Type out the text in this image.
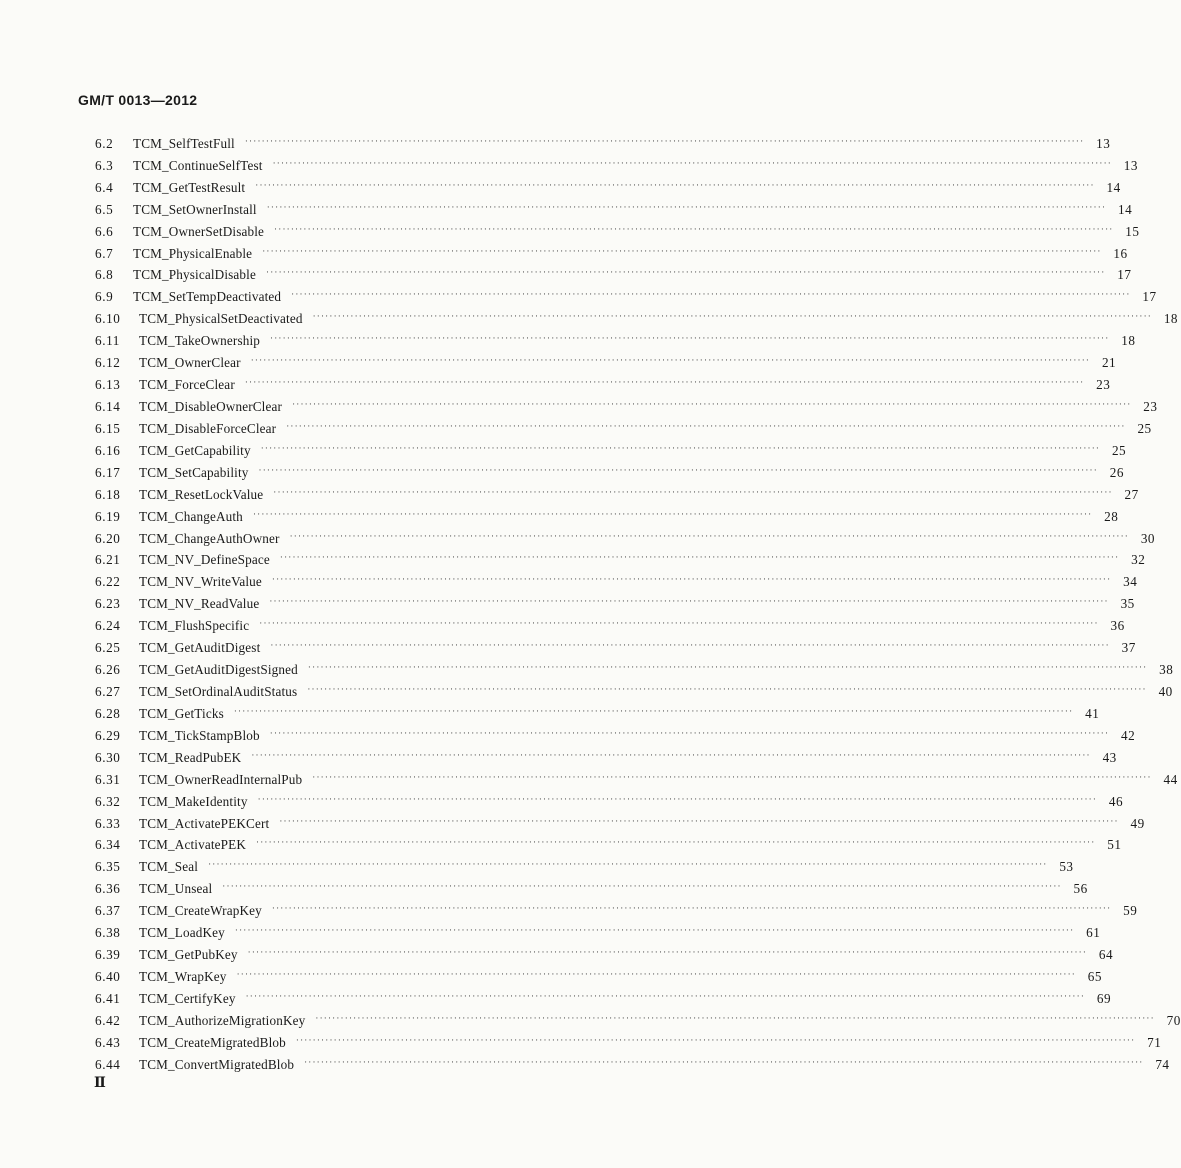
GM/T 0013—2012
6.2	TCM_SelfTestFull	········································································································································································································ 13
6.3	TCM_ContinueSelfTest	········································································································································································································ 13
6.4	TCM_GetTestResult	········································································································································································································ 14
6.5	TCM_SetOwnerInstall	········································································································································································································ 14
6.6	TCM_OwnerSetDisable	········································································································································································································ 15
6.7	TCM_PhysicalEnable	········································································································································································································ 16
6.8	TCM_PhysicalDisable	········································································································································································································ 17
6.9	TCM_SetTempDeactivated	········································································································································································································ 17
6.10	TCM_PhysicalSetDeactivated	········································································································································································································ 18
6.11	TCM_TakeOwnership	········································································································································································································ 18
6.12	TCM_OwnerClear	········································································································································································································ 21
6.13	TCM_ForceClear	········································································································································································································ 23
6.14	TCM_DisableOwnerClear	········································································································································································································ 23
6.15	TCM_DisableForceClear	········································································································································································································ 25
6.16	TCM_GetCapability	········································································································································································································ 25
6.17	TCM_SetCapability	········································································································································································································ 26
6.18	TCM_ResetLockValue	········································································································································································································ 27
6.19	TCM_ChangeAuth	········································································································································································································ 28
6.20	TCM_ChangeAuthOwner	········································································································································································································ 30
6.21	TCM_NV_DefineSpace	········································································································································································································ 32
6.22	TCM_NV_WriteValue	········································································································································································································ 34
6.23	TCM_NV_ReadValue	········································································································································································································ 35
6.24	TCM_FlushSpecific	········································································································································································································ 36
6.25	TCM_GetAuditDigest	········································································································································································································ 37
6.26	TCM_GetAuditDigestSigned	········································································································································································································ 38
6.27	TCM_SetOrdinalAuditStatus	········································································································································································································ 40
6.28	TCM_GetTicks	········································································································································································································ 41
6.29	TCM_TickStampBlob	········································································································································································································ 42
6.30	TCM_ReadPubEK	········································································································································································································ 43
6.31	TCM_OwnerReadInternalPub	········································································································································································································ 44
6.32	TCM_MakeIdentity	········································································································································································································ 46
6.33	TCM_ActivatePEKCert	········································································································································································································ 49
6.34	TCM_ActivatePEK	········································································································································································································ 51
6.35	TCM_Seal	········································································································································································································ 53
6.36	TCM_Unseal	········································································································································································································ 56
6.37	TCM_CreateWrapKey	········································································································································································································ 59
6.38	TCM_LoadKey	········································································································································································································ 61
6.39	TCM_GetPubKey	········································································································································································································ 64
6.40	TCM_WrapKey	········································································································································································································ 65
6.41	TCM_CertifyKey	········································································································································································································ 69
6.42	TCM_AuthorizeMigrationKey	········································································································································································································ 70
6.43	TCM_CreateMigratedBlob	········································································································································································································ 71
6.44	TCM_ConvertMigratedBlob	········································································································································································································ 74
Ⅱ
